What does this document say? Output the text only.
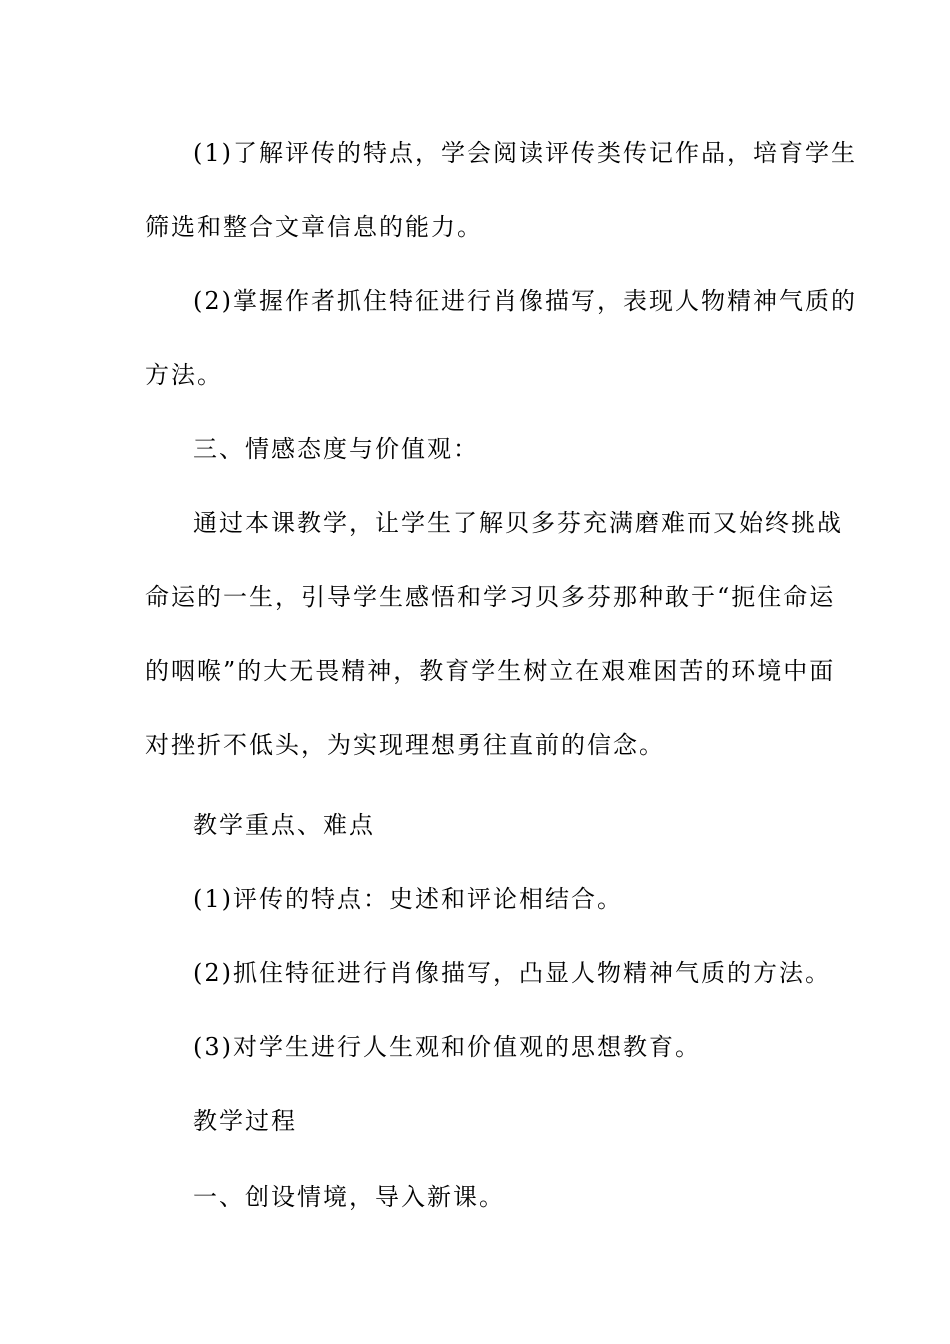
(1)了解评传的特点，学会阅读评传类传记作品，培育学生
筛选和整合文章信息的能力。
(2)掌握作者抓住特征进行肖像描写，表现人物精神气质的
方法。
三、情感态度与价值观：
通过本课教学，让学生了解贝多芬充满磨难而又始终挑战
命运的一生，引导学生感悟和学习贝多芬那种敢于“扼住命运
的咽喉”的大无畏精神，教育学生树立在艰难困苦的环境中面
对挫折不低头，为实现理想勇往直前的信念。
教学重点、难点
(1)评传的特点：史述和评论相结合。
(2)抓住特征进行肖像描写，凸显人物精神气质的方法。
(3)对学生进行人生观和价值观的思想教育。
教学过程
一、创设情境，导入新课。
